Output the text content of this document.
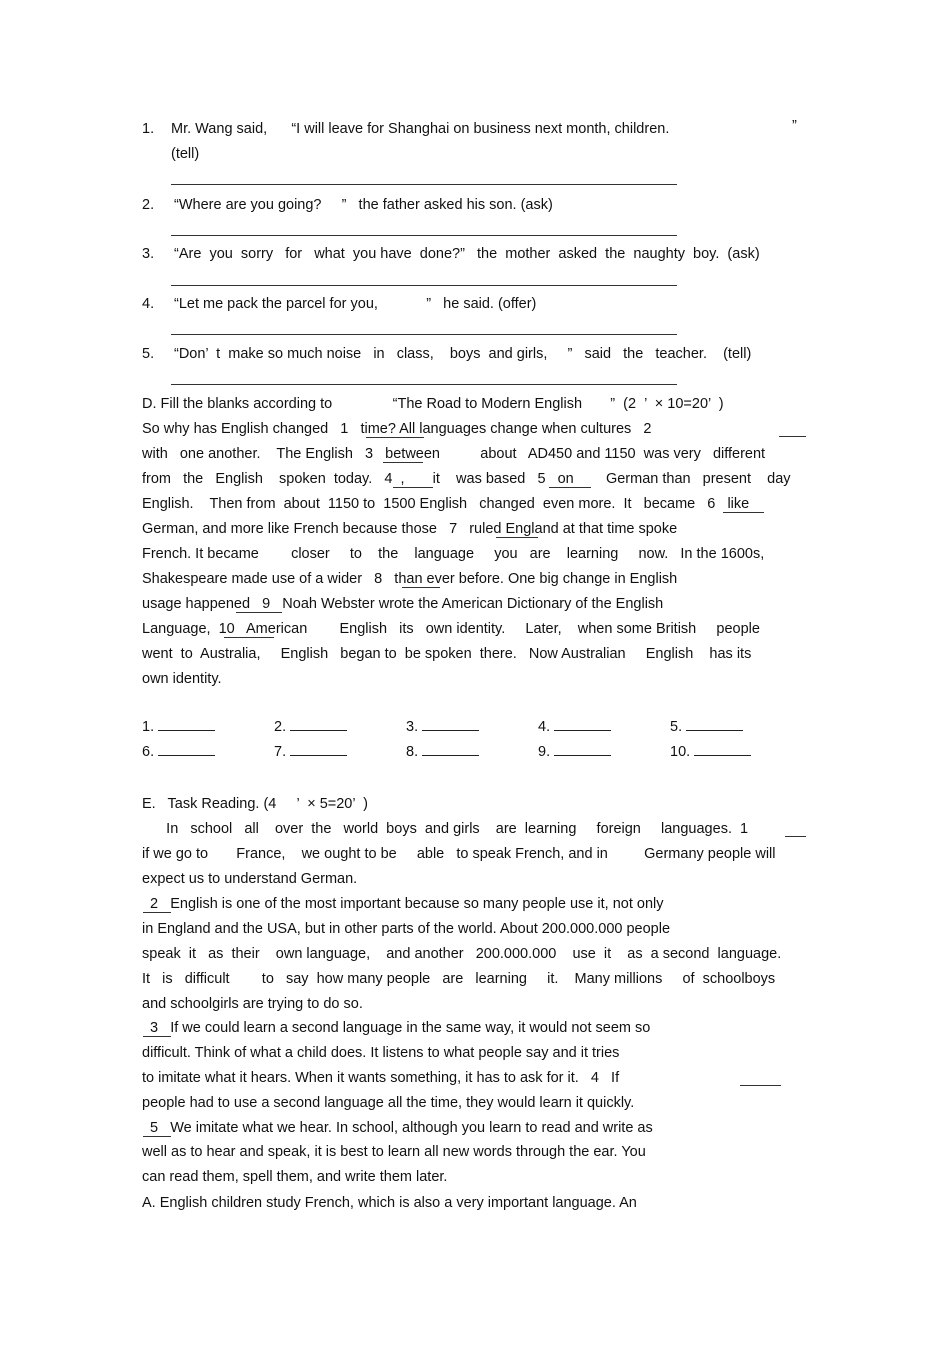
1. Mr. Wang said,      “I will leave for Shanghai on business next month, children.	”
(tell)
2. “Where are you going?     ”   the father asked his son. (ask)
3. “Are  you  sorry   for   what  you have  done?”   the  mother  asked  the  naughty  boy.  (ask)
4. “Let me pack the parcel for you,            ”   he said. (offer)
5. “Don’  t  make so much noise   in   class,    boys  and girls,     ”   said   the   teacher.    (tell)
D. Fill the blanks according to               “The Road to Modern English       ”  (2  ’  × 10=20’  )
So why has English changed   1   time? All languages change when cultures   2
with   one another.    The English   3   between          about   AD450 and 1150  was very   different
from   the   English    spoken  today.   4  ,       it    was based   5   on        German than   present    day
English.    Then from  about  1150 to  1500 English   changed  even more.  It   became   6   like
German, and more like French because those   7   ruled England at that time spoke
French. It became        closer     to    the    language     you   are    learning     now.   In the 1600s,
Shakespeare made use of a wider   8   than ever before. One big change in English
usage happened   9   Noah Webster wrote the American Dictionary of the English
Language,  10   American        English   its   own identity.     Later,    when some British     people
went  to  Australia,     English   began to  be spoken  there.   Now Australian     English    has its
own identity.
1.	2.	3.	4.	5.
6.	7.	8.	9.	10.
E.   Task Reading. (4     ’  × 5=20’  )
In   school   all    over  the   world  boys  and girls    are  learning     foreign     languages.  1
if we go to       France,    we ought to be     able   to speak French, and in         Germany people will
expect us to understand German.
2   English is one of the most important because so many people use it, not only
in England and the USA, but in other parts of the world. About 200.000.000 people
speak  it   as  their    own language,    and another   200.000.000    use  it    as  a second  language.
It   is   difficult        to   say  how many people   are   learning     it.    Many millions     of  schoolboys
and schoolgirls are trying to do so.
3   If we could learn a second language in the same way, it would not seem so
difficult. Think of what a child does. It listens to what people say and it tries
to imitate what it hears. When it wants something, it has to ask for it.   4   If
people had to use a second language all the time, they would learn it quickly.
5   We imitate what we hear. In school, although you learn to read and write as
well as to hear and speak, it is best to learn all new words through the ear. You
can read them, spell them, and write them later.
A. English children study French, which is also a very important language. An
